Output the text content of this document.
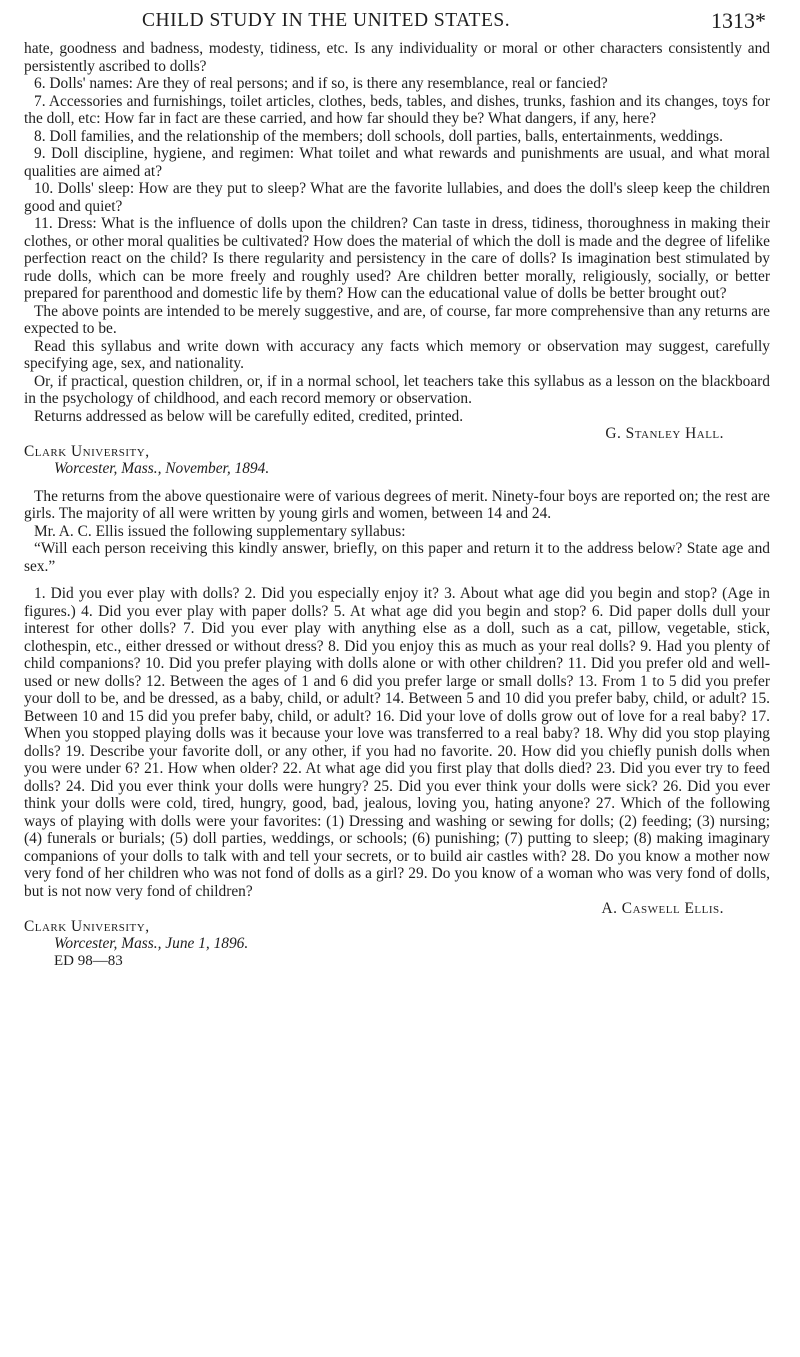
CHILD STUDY IN THE UNITED STATES.	1313*

hate, goodness and badness, modesty, tidiness, etc. Is any individuality or moral or other characters consistently and persistently ascribed to dolls?

6. Dolls' names: Are they of real persons; and if so, is there any resemblance, real or fancied?

7. Accessories and furnishings, toilet articles, clothes, beds, tables, and dishes, trunks, fashion and its changes, toys for the doll, etc: How far in fact are these carried, and how far should they be? What dangers, if any, here?

8. Doll families, and the relationship of the members; doll schools, doll parties, balls, entertainments, weddings.

9. Doll discipline, hygiene, and regimen: What toilet and what rewards and punishments are usual, and what moral qualities are aimed at?

10. Dolls' sleep: How are they put to sleep? What are the favorite lullabies, and does the doll's sleep keep the children good and quiet?

11. Dress: What is the influence of dolls upon the children? Can taste in dress, tidiness, thoroughness in making their clothes, or other moral qualities be cultivated? How does the material of which the doll is made and the degree of lifelike perfection react on the child? Is there regularity and persistency in the care of dolls? Is imagination best stimulated by rude dolls, which can be more freely and roughly used? Are children better morally, religiously, socially, or better prepared for parenthood and domestic life by them? How can the educational value of dolls be better brought out?

The above points are intended to be merely suggestive, and are, of course, far more comprehensive than any returns are expected to be.

Read this syllabus and write down with accuracy any facts which memory or observation may suggest, carefully specifying age, sex, and nationality.

Or, if practical, question children, or, if in a normal school, let teachers take this syllabus as a lesson on the blackboard in the psychology of childhood, and each record memory or observation.

Returns addressed as below will be carefully edited, credited, printed.

G. Stanley Hall.

Clark University,

Worcester, Mass., November, 1894.

The returns from the above questionaire were of various degrees of merit. Ninety-four boys are reported on; the rest are girls. The majority of all were written by young girls and women, between 14 and 24.

Mr. A. C. Ellis issued the following supplementary syllabus:

“Will each person receiving this kindly answer, briefly, on this paper and return it to the address below? State age and sex.”

1. Did you ever play with dolls? 2. Did you especially enjoy it? 3. About what age did you begin and stop? (Age in figures.) 4. Did you ever play with paper dolls? 5. At what age did you begin and stop? 6. Did paper dolls dull your interest for other dolls? 7. Did you ever play with anything else as a doll, such as a cat, pillow, vegetable, stick, clothespin, etc., either dressed or without dress? 8. Did you enjoy this as much as your real dolls? 9. Had you plenty of child companions? 10. Did you prefer playing with dolls alone or with other children? 11. Did you prefer old and well-used or new dolls? 12. Between the ages of 1 and 6 did you prefer large or small dolls? 13. From 1 to 5 did you prefer your doll to be, and be dressed, as a baby, child, or adult? 14. Between 5 and 10 did you prefer baby, child, or adult? 15. Between 10 and 15 did you prefer baby, child, or adult? 16. Did your love of dolls grow out of love for a real baby? 17. When you stopped playing dolls was it because your love was transferred to a real baby? 18. Why did you stop playing dolls? 19. Describe your favorite doll, or any other, if you had no favorite. 20. How did you chiefly punish dolls when you were under 6? 21. How when older? 22. At what age did you first play that dolls died? 23. Did you ever try to feed dolls? 24. Did you ever think your dolls were hungry? 25. Did you ever think your dolls were sick? 26. Did you ever think your dolls were cold, tired, hungry, good, bad, jealous, loving you, hating anyone? 27. Which of the following ways of playing with dolls were your favorites: (1) Dressing and washing or sewing for dolls; (2) feeding; (3) nursing; (4) funerals or burials; (5) doll parties, weddings, or schools; (6) punishing; (7) putting to sleep; (8) making imaginary companions of your dolls to talk with and tell your secrets, or to build air castles with? 28. Do you know a mother now very fond of her children who was not fond of dolls as a girl? 29. Do you know of a woman who was very fond of dolls, but is not now very fond of children?

A. Caswell Ellis.

Clark University,

Worcester, Mass., June 1, 1896.

ED 98—83
